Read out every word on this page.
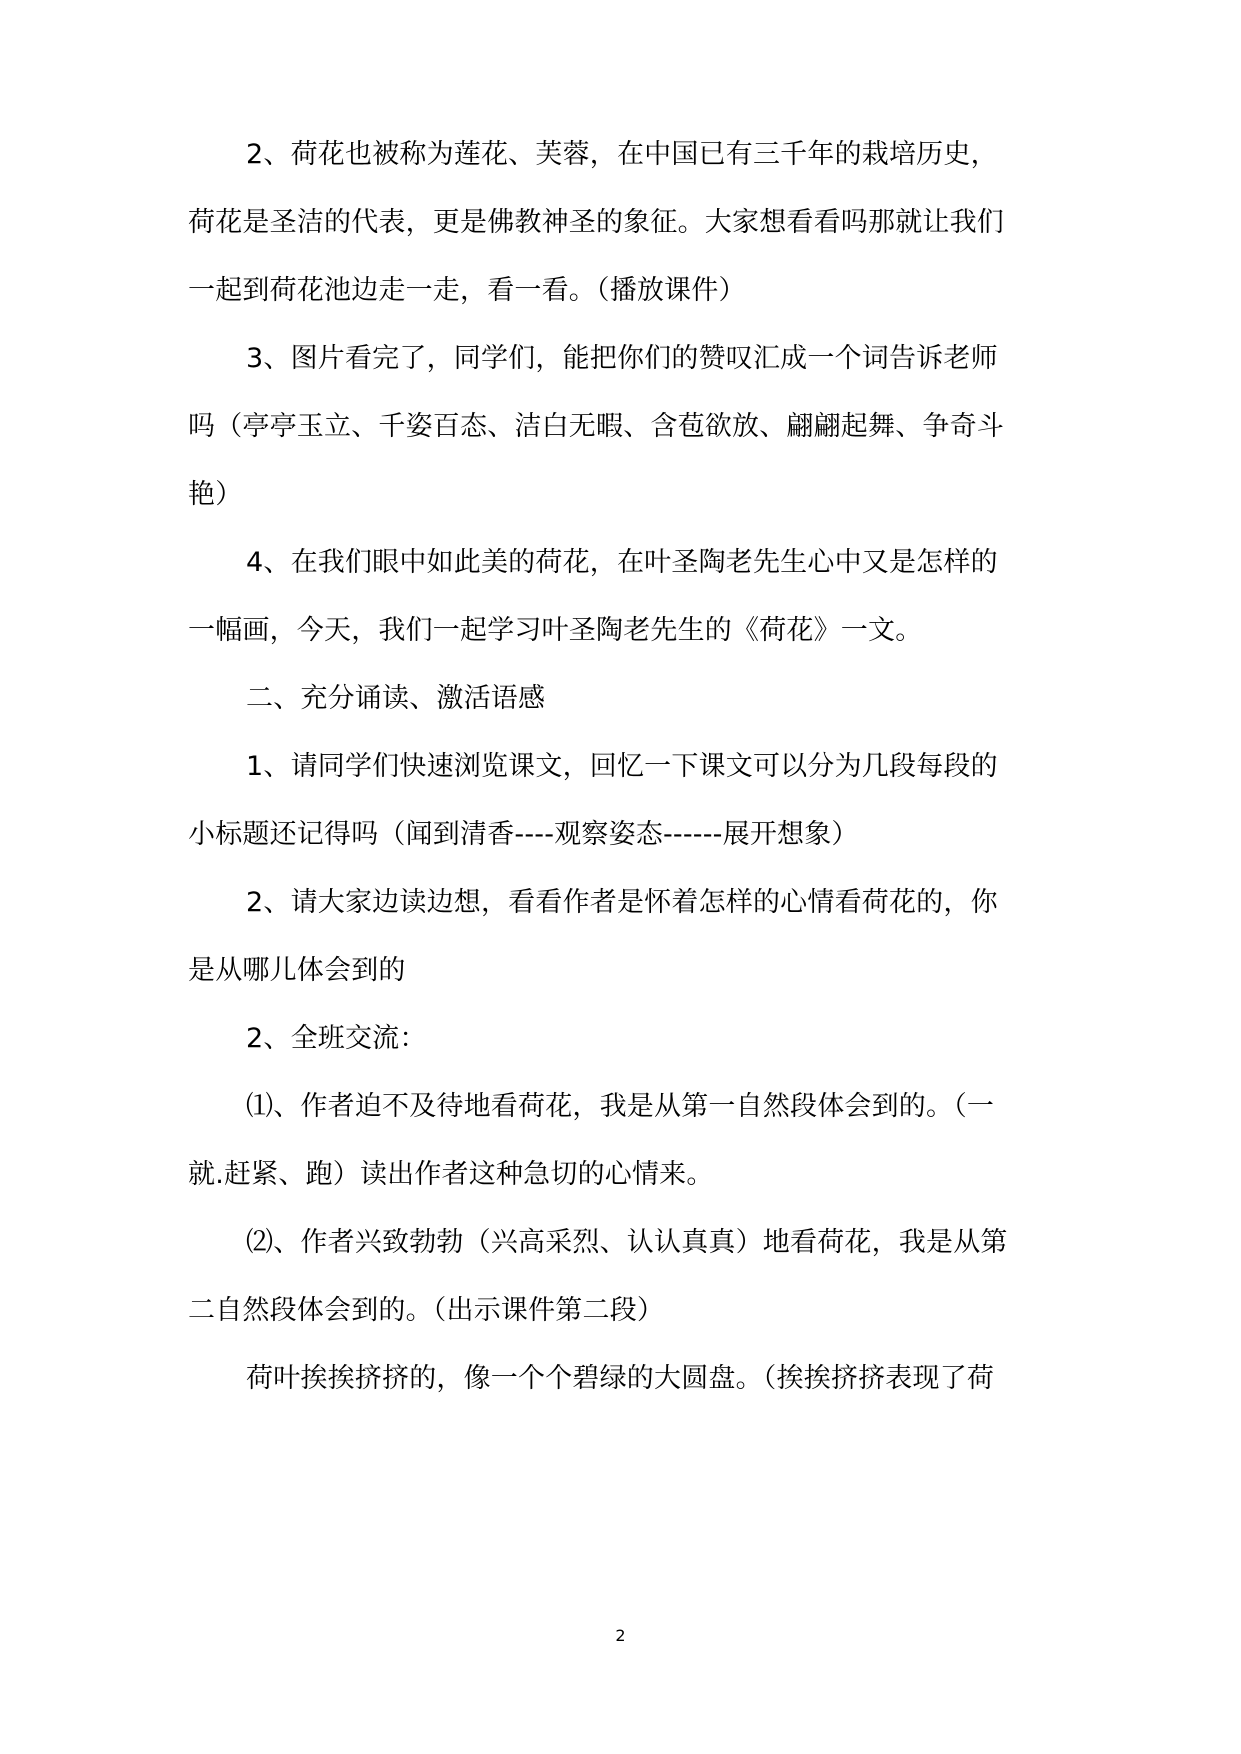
2、荷花也被称为莲花、芙蓉，在中国已有三千年的栽培历史，
荷花是圣洁的代表，更是佛教神圣的象征。大家想看看吗那就让我们
一起到荷花池边走一走，看一看。（播放课件）
3、图片看完了，同学们，能把你们的赞叹汇成一个词告诉老师
吗（亭亭玉立、千姿百态、洁白无暇、含苞欲放、翩翩起舞、争奇斗
艳）
4、在我们眼中如此美的荷花，在叶圣陶老先生心中又是怎样的
一幅画，今天，我们一起学习叶圣陶老先生的《荷花》一文。
二、充分诵读、激活语感
1、请同学们快速浏览课文，回忆一下课文可以分为几段每段的
小标题还记得吗（闻到清香----观察姿态------展开想象）
2、请大家边读边想，看看作者是怀着怎样的心情看荷花的，你
是从哪儿体会到的
2、全班交流：
⑴、作者迫不及待地看荷花，我是从第一自然段体会到的。（一
就.赶紧、跑）读出作者这种急切的心情来。
⑵、作者兴致勃勃（兴高采烈、认认真真）地看荷花，我是从第
二自然段体会到的。（出示课件第二段）
荷叶挨挨挤挤的，像一个个碧绿的大圆盘。（挨挨挤挤表现了荷
2
